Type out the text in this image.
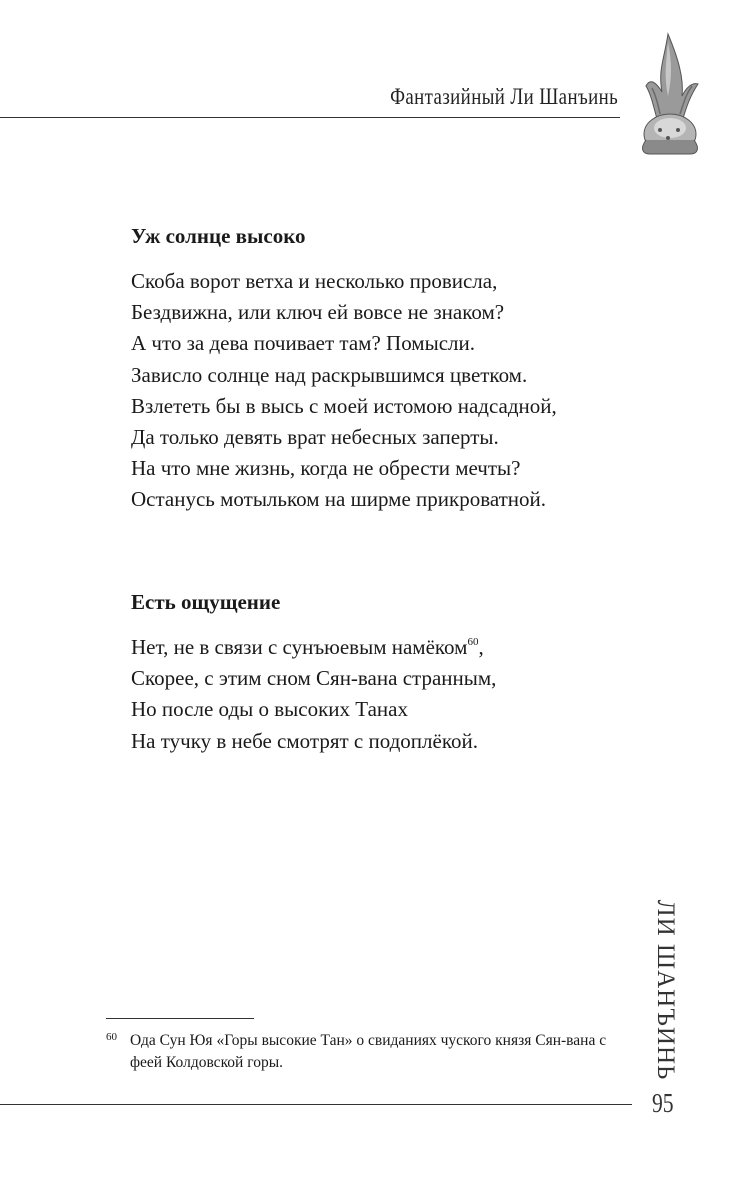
Фантазийный Ли Шанъинь
Уж солнце высоко
Скоба ворот ветха и несколько провисла,
Бездвижна, или ключ ей вовсе не знаком?
А что за дева почивает там? Помысли.
Зависло солнце над раскрывшимся цветком.
Взлететь бы в высь с моей истомою надсадной,
Да только девять врат небесных заперты.
На что мне жизнь, когда не обрести мечты?
Останусь мотыльком на ширме прикроватной.
Есть ощущение
Нет, не в связи с сунъюевым намёком$^{60}$,
Скорее, с этим сном Сян-вана странным,
Но после оды о высоких Танах
На тучку в небе смотрят с подоплёкой.
60 Ода Сун Юя «Горы высокие Тан» о свиданиях чуского князя Сян-вана с феей Колдовской горы.	ЛИ ШАНЪИНЬ
95
